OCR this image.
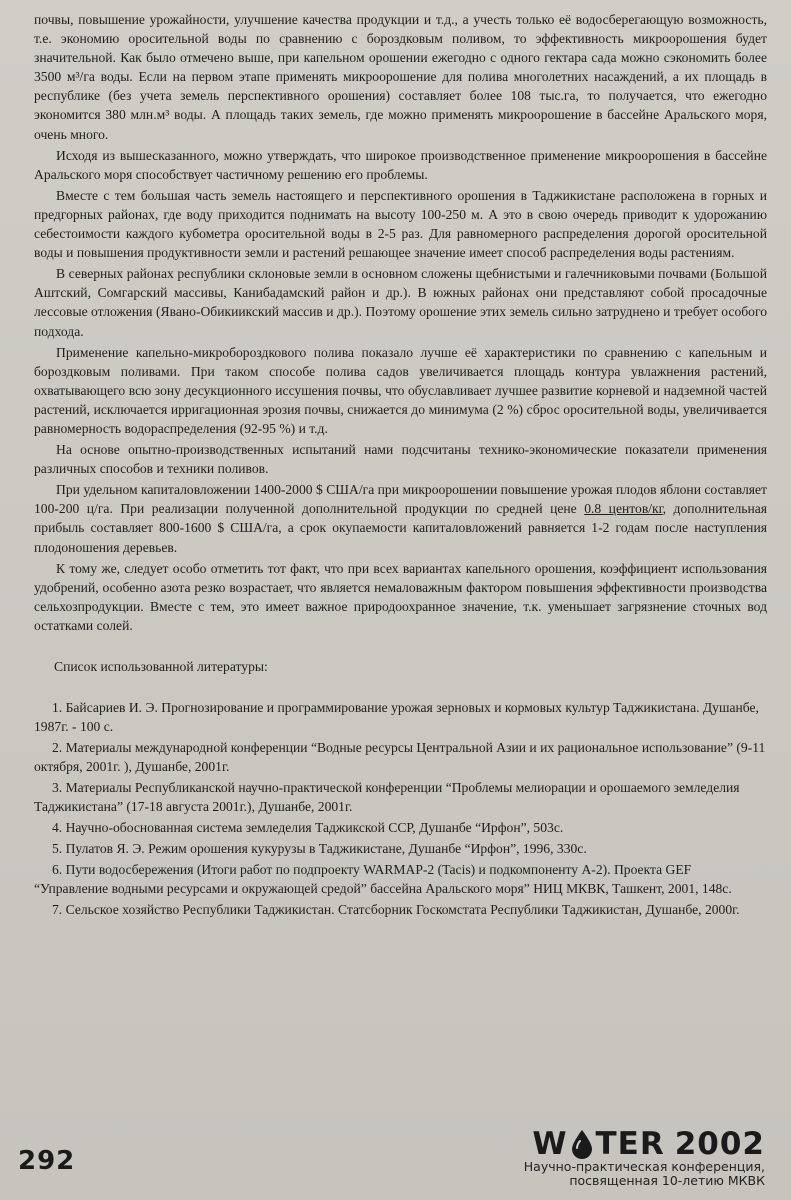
почвы, повышение урожайности, улучшение качества продукции и т.д., а учесть только её водосберегающую возможность, т.е. экономию оросительной воды по сравнению с бороздковым поливом, то эффективность микроорошения будет значительной. Как было отмечено выше, при капельном орошении ежегодно с одного гектара сада можно сэкономить более 3500 м³/га воды. Если на первом этапе применять микроорошение для полива многолетних насаждений, а их площадь в республике (без учета земель перспективного орошения) составляет более 108 тыс.га, то получается, что ежегодно экономится 380 млн.м³ воды. А площадь таких земель, где можно применять микроорошение в бассейне Аральского моря, очень много.

Исходя из вышесказанного, можно утверждать, что широкое производственное применение микроорошения в бассейне Аральского моря способствует частичному решению его проблемы.

Вместе с тем большая часть земель настоящего и перспективного орошения в Таджикистане расположена в горных и предгорных районах, где воду приходится поднимать на высоту 100-250 м. А это в свою очередь приводит к удорожанию себестоимости каждого кубометра оросительной воды в 2-5 раз. Для равномерного распределения дорогой оросительной воды и повышения продуктивности земли и растений решающее значение имеет способ распределения воды растениям.

В северных районах республики склоновые земли в основном сложены щебнистыми и галечниковыми почвами (Большой Аштский, Сомгарский массивы, Канибадамский район и др.). В южных районах они представляют собой просадочные лессовые отложения (Явано-Обикиикский массив и др.). Поэтому орошение этих земель сильно затруднено и требует особого подхода.

Применение капельно-микробороздкового полива показало лучше её характеристики по сравнению с капельным и бороздковым поливами. При таком способе полива садов увеличивается площадь контура увлажнения растений, охватывающего всю зону десукционного иссушения почвы, что обуславливает лучшее развитие корневой и надземной частей растений, исключается ирригационная эрозия почвы, снижается до минимума (2 %) сброс оросительной воды, увеличивается равномерность водораспределения (92-95 %) и т.д.

На основе опытно-производственных испытаний нами подсчитаны технико-экономические показатели применения различных способов и техники поливов.

При удельном капиталовложении 1400-2000 $ США/га при микроорошении повышение урожая плодов яблони составляет 100-200 ц/га. При реализации полученной дополнительной продукции по средней цене 0.8 центов/кг, дополнительная прибыль составляет 800-1600 $ США/га, а срок окупаемости капиталовложений равняется 1-2 годам после наступления плодоношения деревьев.

К тому же, следует особо отметить тот факт, что при всех вариантах капельного орошения, коэффициент использования удобрений, особенно азота резко возрастает, что является немаловажным фактором повышения эффективности производства сельхозпродукции. Вместе с тем, это имеет важное природоохранное значение, т.к. уменьшает загрязнение сточных вод остатками солей.

Список использованной литературы:
1. Байсариев И. Э. Прогнозирование и программирование урожая зерновых и кормовых культур Таджикистана. Душанбе, 1987г. - 100 с.
2. Материалы международной конференции “Водные ресурсы Центральной Азии и их рациональное использование” (9-11 октября, 2001г. ), Душанбе, 2001г.
3. Материалы Республиканской научно-практической конференции “Проблемы мелиорации и орошаемого земледелия Таджикистана” (17-18 августа 2001г.), Душанбе, 2001г.
4. Научно-обоснованная система земледелия Таджикской ССР, Душанбе “Ирфон”, 503с.
5. Пулатов Я. Э. Режим орошения кукурузы в Таджикистане, Душанбе “Ирфон”, 1996, 330с.
6. Пути водосбережения (Итоги работ по подпроекту WARMAP-2 (Tacis) и подкомпоненту А-2). Проекта GEF “Управление водными ресурсами и окружающей средой” бассейна Аральского моря” НИЦ МКВК, Ташкент, 2001, 148с.
7. Сельское хозяйство Республики Таджикистан. Статсборник Госкомстата Республики Таджикистан, Душанбе, 2000г.
292	W TER 2002
Научно-практическая конференция,
посвященная 10-летию МКВК
